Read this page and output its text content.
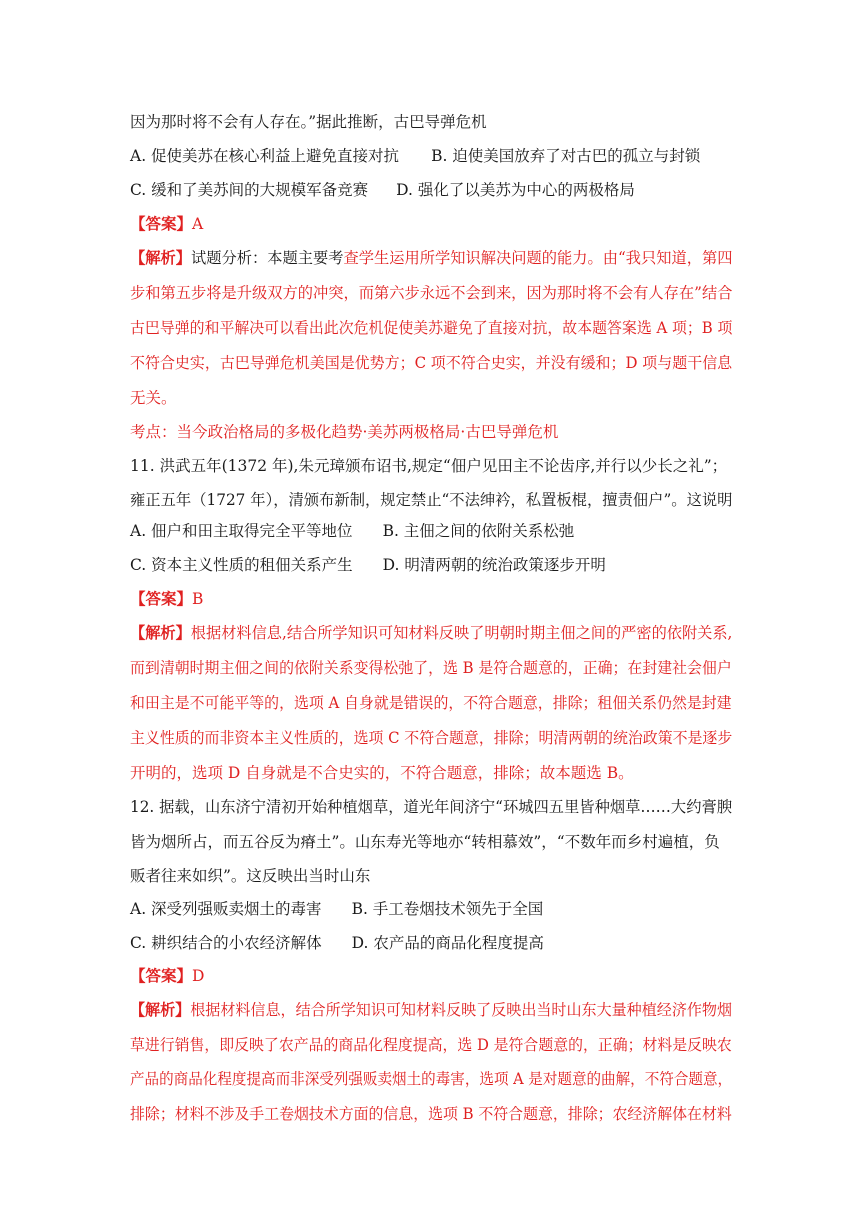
因为那时将不会有人存在。”据此推断，古巴导弹危机
A. 促使美苏在核心利益上避免直接对抗 B. 迫使美国放弃了对古巴的孤立与封锁
C. 缓和了美苏间的大规模军备竞赛 D. 强化了以美苏为中心的两极格局
【答案】A
【解析】试题分析：本题主要考查学生运用所学知识解决问题的能力。由“我只知道，第四
步和第五步将是升级双方的冲突，而第六步永远不会到来，因为那时将不会有人存在”结合
古巴导弹的和平解决可以看出此次危机促使美苏避免了直接对抗，故本题答案选 A 项；B 项
不符合史实，古巴导弹危机美国是优势方；C 项不符合史实，并没有缓和；D 项与题干信息
无关。
考点：当今政治格局的多极化趋势·美苏两极格局·古巴导弹危机
11. 洪武五年(1372 年),朱元璋颁布诏书,规定“佃户见田主不论齿序,并行以少长之礼”；
雍正五年（1727 年），清颁布新制，规定禁止“不法绅衿，私置板棍，擅责佃户”。这说明
A. 佃户和田主取得完全平等地位 B. 主佃之间的依附关系松弛
C. 资本主义性质的租佃关系产生 D. 明清两朝的统治政策逐步开明
【答案】B
【解析】根据材料信息,结合所学知识可知材料反映了明朝时期主佃之间的严密的依附关系,
而到清朝时期主佃之间的依附关系变得松弛了，选 B 是符合题意的，正确；在封建社会佃户
和田主是不可能平等的，选项 A 自身就是错误的，不符合题意，排除；租佃关系仍然是封建
主义性质的而非资本主义性质的，选项 C 不符合题意，排除；明清两朝的统治政策不是逐步
开明的，选项 D 自身就是不合史实的，不符合题意，排除；故本题选 B。
12. 据载，山东济宁清初开始种植烟草，道光年间济宁“环城四五里皆种烟草……大约膏腴
皆为烟所占，而五谷反为瘠土”。山东寿光等地亦“转相慕效”，“不数年而乡村遍植，负
贩者往来如织”。这反映出当时山东
A. 深受列强贩卖烟土的毒害 B. 手工卷烟技术领先于全国
C. 耕织结合的小农经济解体 D. 农产品的商品化程度提高
【答案】D
【解析】根据材料信息，结合所学知识可知材料反映了反映出当时山东大量种植经济作物烟
草进行销售，即反映了农产品的商品化程度提高，选 D 是符合题意的，正确；材料是反映农
产品的商品化程度提高而非深受列强贩卖烟土的毒害，选项 A 是对题意的曲解，不符合题意，
排除；材料不涉及手工卷烟技术方面的信息，选项 B 不符合题意，排除；农经济解体在材料
